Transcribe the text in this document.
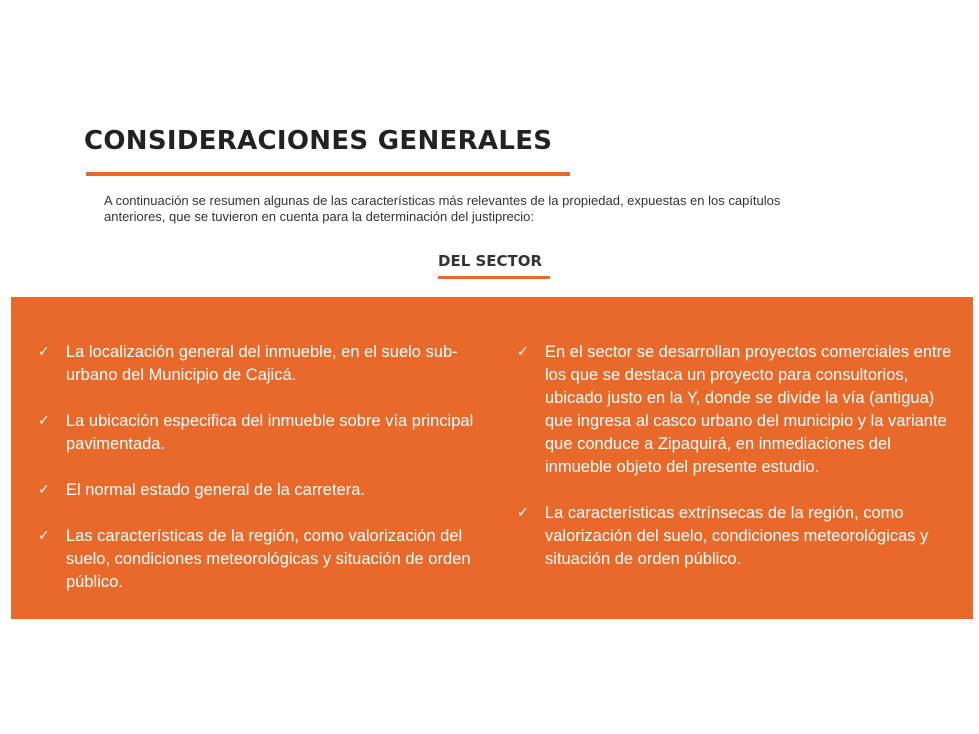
CONSIDERACIONES GENERALES
A continuación se resumen algunas de las características más relevantes de la propiedad, expuestas en los capítulos anteriores, que se tuvieron en cuenta para la determinación del justiprecio:
DEL SECTOR
✓ La localización general del inmueble, en el suelo sub-urbano del Municipio de Cajicá.
✓ La ubicación especifica del inmueble sobre vía principal pavimentada.
✓ El normal estado general de la carretera.
✓ Las características de la región, como valorización del suelo, condiciones meteorológicas y situación de orden público.
✓ En el sector se desarrollan proyectos comerciales entre los que se destaca un proyecto para consultorios, ubicado justo en la Y, donde se divide la vía (antigua) que ingresa al casco urbano del municipio y la variante que conduce a Zipaquirá, en inmediaciones del inmueble objeto del presente estudio.
✓ La características extrínsecas de la región, como valorización del suelo, condiciones meteorológicas y situación de orden público.
